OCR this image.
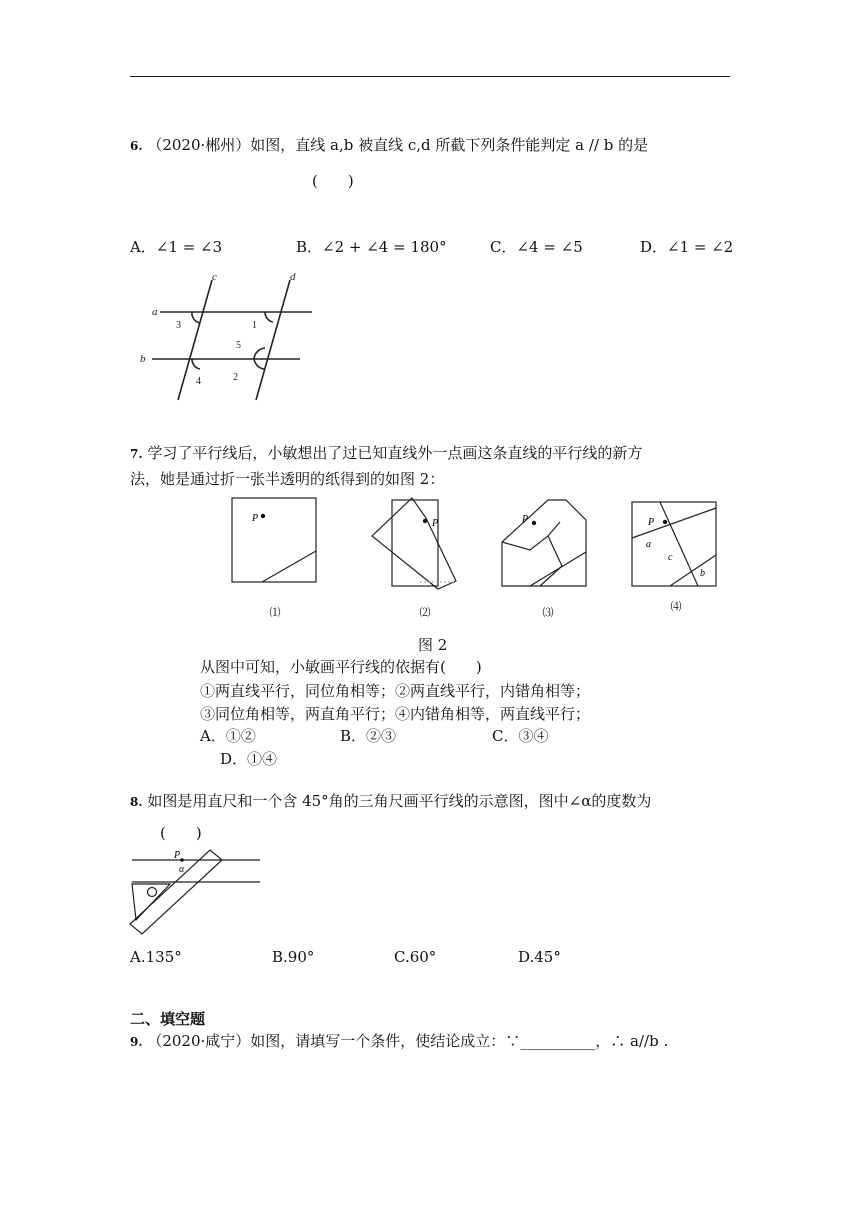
6. （2020·郴州）如图，直线 a,b 被直线 c,d 所截下列条件能判定 a // b 的是
(　　)
A．∠1 = ∠3	B．∠2 + ∠4 = 180°	C．∠4 = ∠5	D．∠1 = ∠2
c	d
a
b
3	1
5
2
4
7. 学习了平行线后，小敏想出了过已知直线外一点画这条直线的平行线的新方
法，她是通过折一张半透明的纸得到的如图 2：
P	P	P	P
a
c
b
⑴	⑵	⑶	⑷
图 2
从图中可知，小敏画平行线的依据有(　　)
①两直线平行，同位角相等；②两直线平行，内错角相等；
③同位角相等，两直角平行；④内错角相等，两直线平行；
A．①②	B．②③	C．③④
D．①④
8. 如图是用直尺和一个含 45°角的三角尺画平行线的示意图，图中∠α的度数为
(　　)
P
α
A.135°	B.90°	C.60°	D.45°
二、填空题
9. （2020·咸宁）如图，请填写一个条件，使结论成立：∵__________，∴ a//b .
